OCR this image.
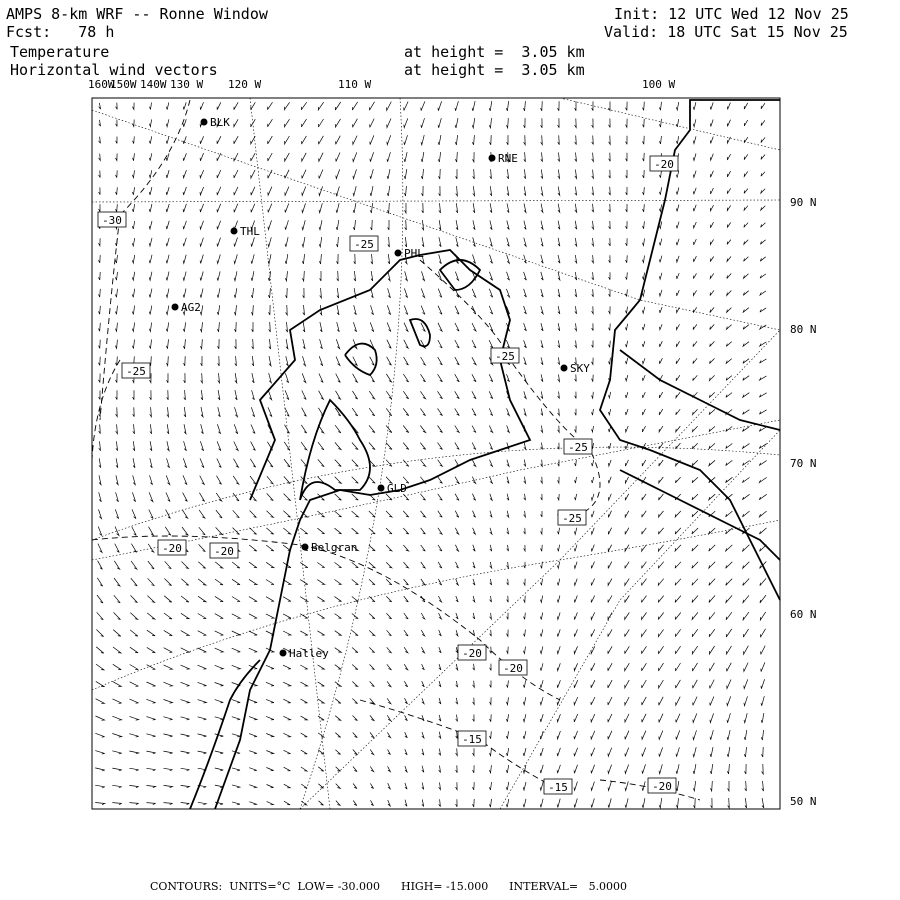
AMPS 8-km WRF -- Ronne Window
Fcst:   78 h
Init: 12 UTC Wed 12 Nov 25
Valid: 18 UTC Sat 15 Nov 25
Temperature	at height =  3.05 km
Horizontal wind vectors	at height =  3.05 km
BLK
RNE
THL
PHL
AG2
SKY
GLD
Belgran
Halley
-30
-25
-25
-25
-25
-25
-20	-20
-20
-20
-15
-15	-20
-20
160W
150W 140W 130 W 120 W	110 W	100 W
90 N
80 N
70 N
60 N
50 N
CONTOURS:  UNITS=°C  LOW= -30.000      HIGH= -15.000      INTERVAL=   5.0000
